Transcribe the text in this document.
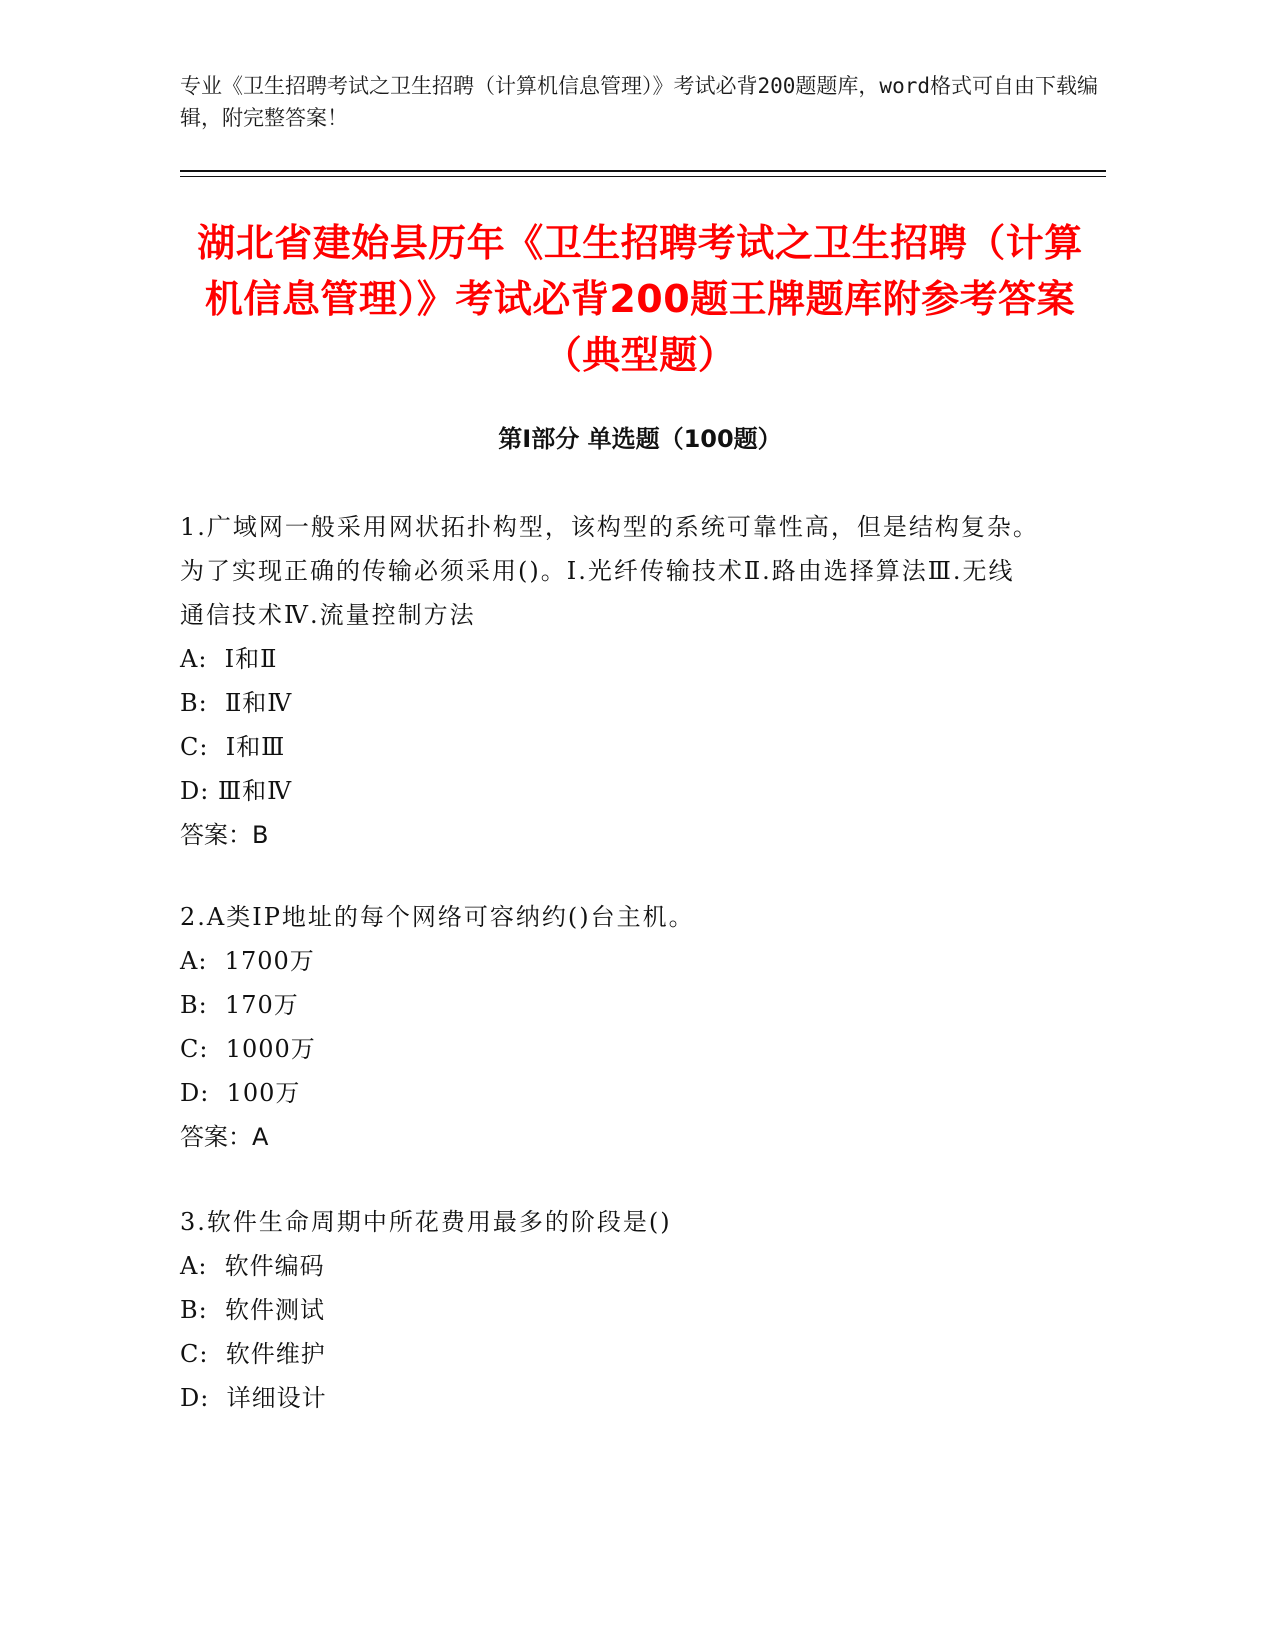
专业《卫生招聘考试之卫生招聘（计算机信息管理）》考试必背200题题库，word格式可自由下载编辑，附完整答案！
湖北省建始县历年《卫生招聘考试之卫生招聘（计算机信息管理）》考试必背200题王牌题库附参考答案（典型题）
第Ⅰ部分 单选题（100题）

1.广域网一般采用网状拓扑构型，该构型的系统可靠性高，但是结构复杂。为了实现正确的传输必须采用()。Ⅰ.光纤传输技术Ⅱ.路由选择算法Ⅲ.无线通信技术Ⅳ.流量控制方法

A:  Ⅰ和Ⅱ

B:  Ⅱ和Ⅳ

C:  Ⅰ和Ⅲ

D: Ⅲ和Ⅳ

答案：B

2.A类IP地址的每个网络可容纳约()台主机。

A:  1700万

B:  170万

C:  1000万

D:  100万

答案：A

3.软件生命周期中所花费用最多的阶段是()

A:  软件编码

B:  软件测试

C:  软件维护

D:  详细设计
